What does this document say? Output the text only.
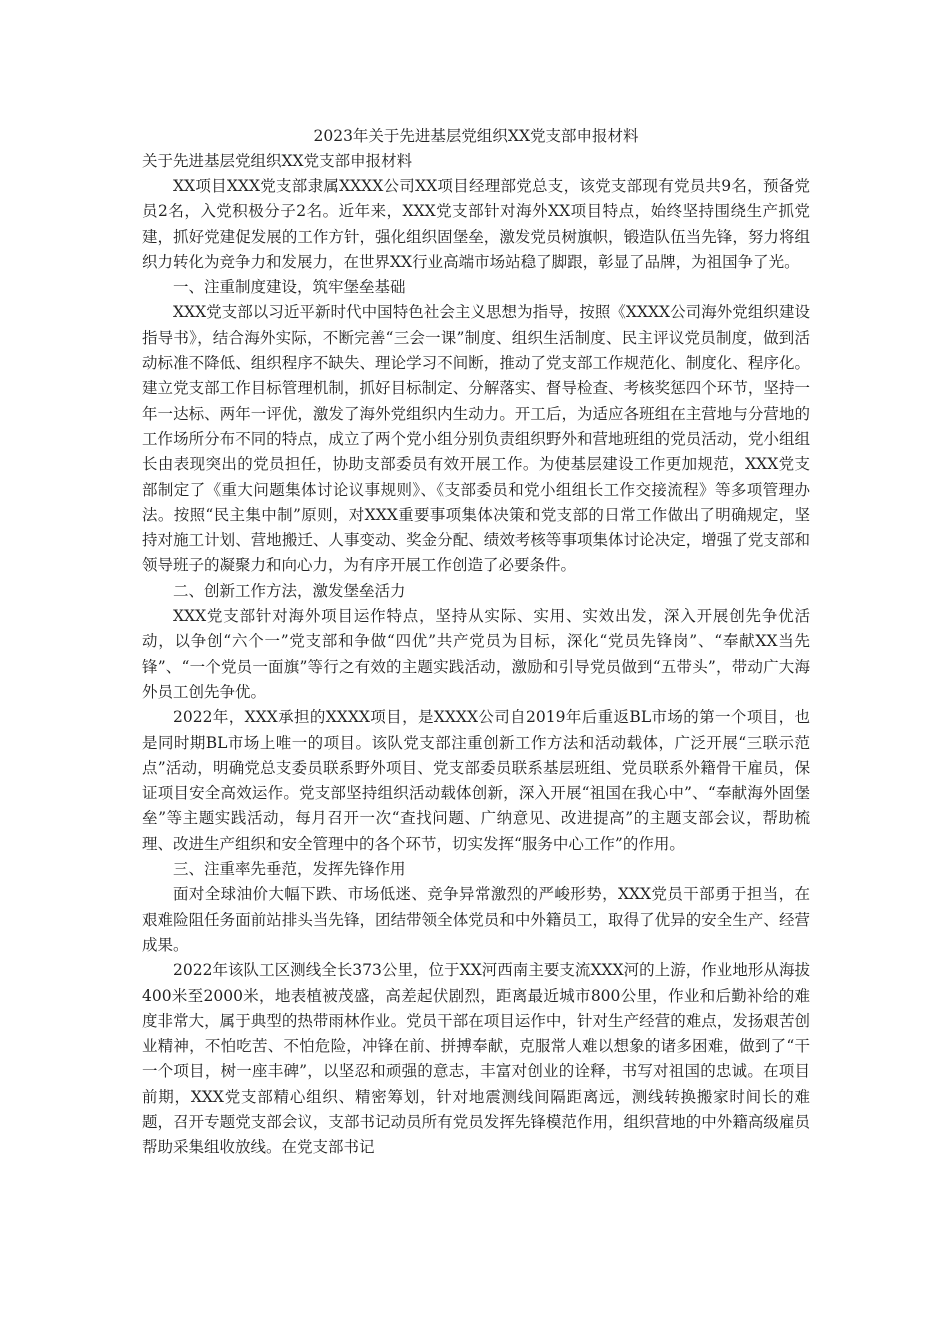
2023年关于先进基层党组织XX党支部申报材料

关于先进基层党组织XX党支部申报材料

XX项目XXX党支部隶属XXXX公司XX项目经理部党总支，该党支部现有党员共9名，预备党员2名，入党积极分子2名。近年来，XXX党支部针对海外XX项目特点，始终坚持围绕生产抓党建，抓好党建促发展的工作方针，强化组织固堡垒，激发党员树旗帜，锻造队伍当先锋，努力将组织力转化为竞争力和发展力，在世界XX行业高端市场站稳了脚跟，彰显了品牌，为祖国争了光。

一、注重制度建设，筑牢堡垒基础

XXX党支部以习近平新时代中国特色社会主义思想为指导，按照《XXXX公司海外党组织建设指导书》，结合海外实际，不断完善“三会一课”制度、组织生活制度、民主评议党员制度，做到活动标准不降低、组织程序不缺失、理论学习不间断，推动了党支部工作规范化、制度化、程序化。建立党支部工作目标管理机制，抓好目标制定、分解落实、督导检查、考核奖惩四个环节，坚持一年一达标、两年一评优，激发了海外党组织内生动力。开工后，为适应各班组在主营地与分营地的工作场所分布不同的特点，成立了两个党小组分别负责组织野外和营地班组的党员活动，党小组组长由表现突出的党员担任，协助支部委员有效开展工作。为使基层建设工作更加规范，XXX党支部制定了《重大问题集体讨论议事规则》、《支部委员和党小组组长工作交接流程》等多项管理办法。按照“民主集中制”原则，对XXX重要事项集体决策和党支部的日常工作做出了明确规定，坚持对施工计划、营地搬迁、人事变动、奖金分配、绩效考核等事项集体讨论决定，增强了党支部和领导班子的凝聚力和向心力，为有序开展工作创造了必要条件。

二、创新工作方法，激发堡垒活力

XXX党支部针对海外项目运作特点，坚持从实际、实用、实效出发，深入开展创先争优活动，以争创“六个一”党支部和争做“四优”共产党员为目标，深化“党员先锋岗”、“奉献XX当先锋”、“一个党员一面旗”等行之有效的主题实践活动，激励和引导党员做到“五带头”，带动广大海外员工创先争优。

2022年，XXX承担的XXXX项目，是XXXX公司自2019年后重返BL市场的第一个项目，也是同时期BL市场上唯一的项目。该队党支部注重创新工作方法和活动载体，广泛开展“三联示范点”活动，明确党总支委员联系野外项目、党支部委员联系基层班组、党员联系外籍骨干雇员，保证项目安全高效运作。党支部坚持组织活动载体创新，深入开展“祖国在我心中”、“奉献海外固堡垒”等主题实践活动，每月召开一次“查找问题、广纳意见、改进提高”的主题支部会议，帮助梳理、改进生产组织和安全管理中的各个环节，切实发挥“服务中心工作”的作用。

三、注重率先垂范，发挥先锋作用

面对全球油价大幅下跌、市场低迷、竞争异常激烈的严峻形势，XXX党员干部勇于担当，在艰难险阻任务面前站排头当先锋，团结带领全体党员和中外籍员工，取得了优异的安全生产、经营成果。

2022年该队工区测线全长373公里，位于XX河西南主要支流XXX河的上游，作业地形从海拔400米至2000米，地表植被茂盛，高差起伏剧烈，距离最近城市800公里，作业和后勤补给的难度非常大，属于典型的热带雨林作业。党员干部在项目运作中，针对生产经营的难点，发扬艰苦创业精神，不怕吃苦、不怕危险，冲锋在前、拼搏奉献，克服常人难以想象的诸多困难，做到了“干一个项目，树一座丰碑”，以坚忍和顽强的意志，丰富对创业的诠释，书写对祖国的忠诚。在项目前期，XXX党支部精心组织、精密筹划，针对地震测线间隔距离远，测线转换搬家时间长的难题，召开专题党支部会议，支部书记动员所有党员发挥先锋模范作用，组织营地的中外籍高级雇员帮助采集组收放线。在党支部书记
